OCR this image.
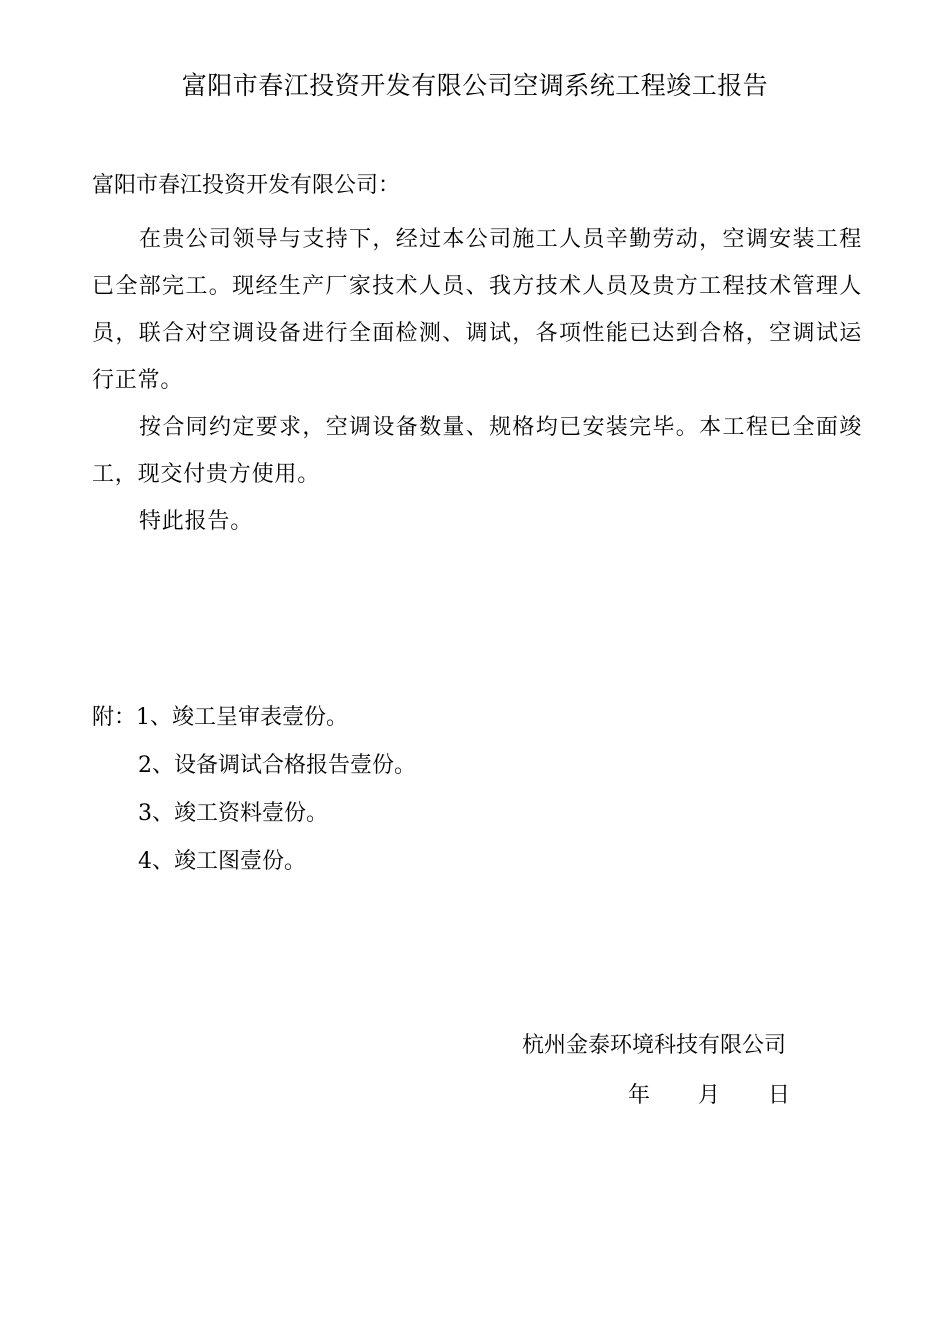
富阳市春江投资开发有限公司空调系统工程竣工报告
富阳市春江投资开发有限公司：

在贵公司领导与支持下，经过本公司施工人员辛勤劳动，空调安装工程已全部完工。现经生产厂家技术人员、我方技术人员及贵方工程技术管理人员，联合对空调设备进行全面检测、调试，各项性能已达到合格，空调试运行正常。

按合同约定要求，空调设备数量、规格均已安装完毕。本工程已全面竣工，现交付贵方使用。

特此报告。

附：1、竣工呈审表壹份。
2、设备调试合格报告壹份。
3、竣工资料壹份。
4、竣工图壹份。
杭州金泰环境科技有限公司
年 月 日
